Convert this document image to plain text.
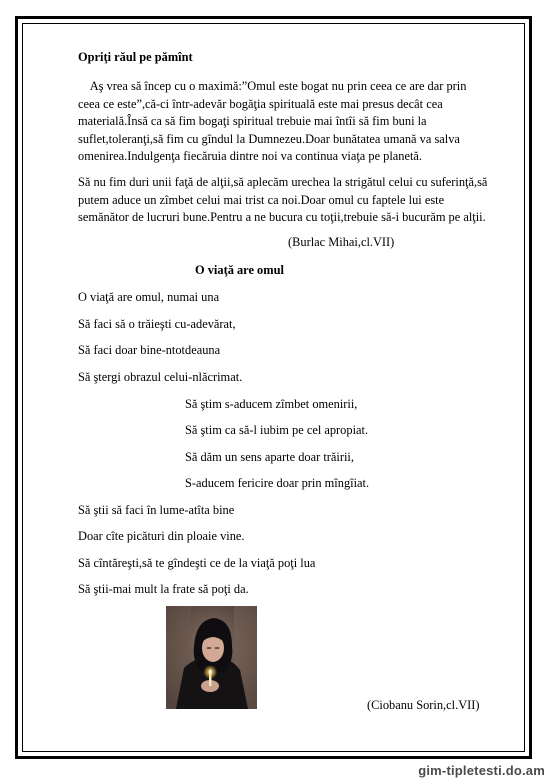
Opriţi răul pe pămînt
Aş vrea să încep cu o maximă:”Omul este bogat nu prin ceea ce are dar prin
ceea ce este”,că-ci într-adevăr bogăţia spirituală este mai presus decât cea
materială.Însă ca să fim bogaţi spiritual trebuie mai întîi să fim buni la
suflet,toleranţi,să fim cu gîndul la Dumnezeu.Doar bunătatea umană va salva
omenirea.Indulgenţa fiecăruia dintre noi va continua viaţa pe planetă.
Să nu fim duri unii faţă de alţii,să aplecăm urechea la strigătul celui cu suferinţă,să
putem aduce un zîmbet celui mai trist ca noi.Doar omul cu faptele lui este
semănător de lucruri bune.Pentru a ne bucura cu toţii,trebuie să-i bucurăm pe alţii.
(Burlac Mihai,cl.VII)
O viaţă are omul
O viaţă are omul, numai una
Să faci să o trăieşti cu-adevărat,
Să faci doar bine-ntotdeauna
Să ştergi obrazul celui-nlăcrimat.
Să ştim s-aducem zîmbet omenirii,
Să ştim ca să-l iubim pe cel apropiat.
Să dăm un sens aparte doar trăirii,
S-aducem fericire doar prin mîngîiat.
Să ştii să faci în lume-atîta bine
Doar cîte picături din ploaie vine.
Să cîntăreşti,să te gîndeşti ce de la viaţă poţi lua
Să ştii-mai mult la frate să poţi da.
(Ciobanu Sorin,cl.VII)
gim-tipletesti.do.am
